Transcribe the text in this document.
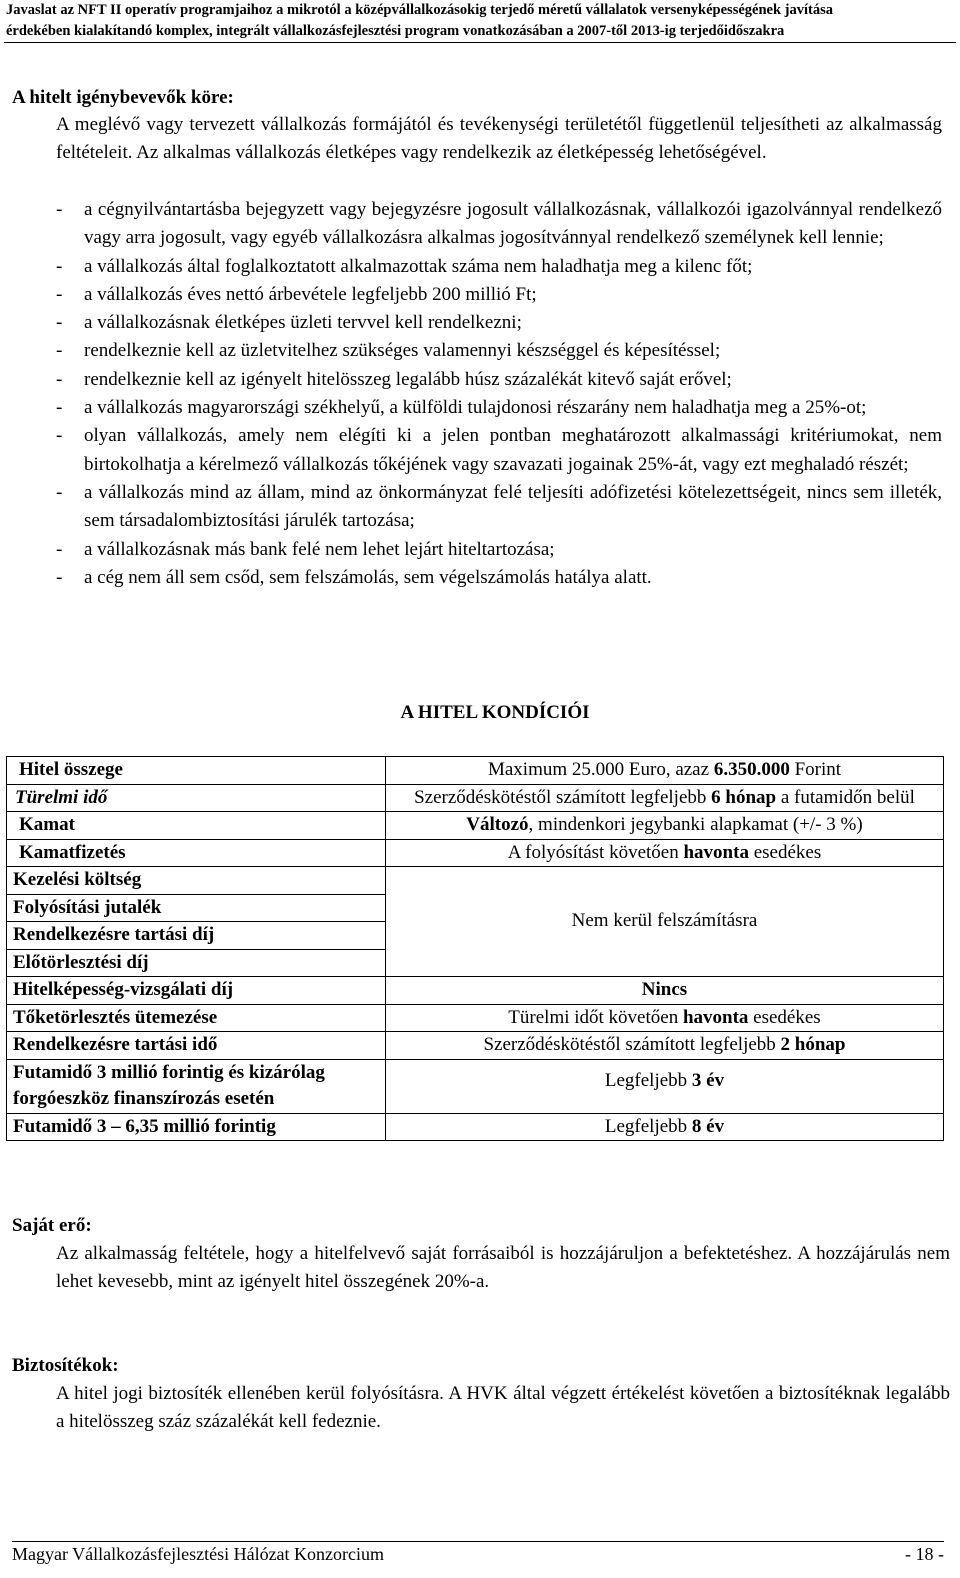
Javaslat az NFT II operatív programjaihoz a mikrotól a középvállalkozásokig terjedő méretű vállalatok versenyképességének javítása
érdekében kialakítandó komplex, integrált vállalkozásfejlesztési program vonatkozásában a 2007-től 2013-ig terjedőidőszakra
A hitelt igénybevevők köre:
A meglévő vagy tervezett vállalkozás formájától és tevékenységi területétől függetlenül teljesítheti az alkalmasság feltételeit. Az alkalmas vállalkozás életképes vagy rendelkezik az életképesség lehetőségével.
- a cégnyilvántartásba bejegyzett vagy bejegyzésre jogosult vállalkozásnak, vállalkozói igazolvánnyal rendelkező vagy arra jogosult, vagy egyéb vállalkozásra alkalmas jogosítvánnyal rendelkező személynek kell lennie;
- a vállalkozás által foglalkoztatott alkalmazottak száma nem haladhatja meg a kilenc főt;
- a vállalkozás éves nettó árbevétele legfeljebb 200 millió Ft;
- a vállalkozásnak életképes üzleti tervvel kell rendelkezni;
- rendelkeznie kell az üzletvitelhez szükséges valamennyi készséggel és képesítéssel;
- rendelkeznie kell az igényelt hitelösszeg legalább húsz százalékát kitevő saját erővel;
- a vállalkozás magyarországi székhelyű, a külföldi tulajdonosi részarány nem haladhatja meg a 25%-ot;
- olyan vállalkozás, amely nem elégíti ki a jelen pontban meghatározott alkalmassági kritériumokat, nem birtokolhatja a kérelmező vállalkozás tőkéjének vagy szavazati jogainak 25%-át, vagy ezt meghaladó részét;
- a vállalkozás mind az állam, mind az önkormányzat felé teljesíti adófizetési kötelezettségeit, nincs sem illeték, sem társadalombiztosítási járulék tartozása;
- a vállalkozásnak más bank felé nem lehet lejárt hiteltartozása;
- a cég nem áll sem csőd, sem felszámolás, sem végelszámolás hatálya alatt.
A HITEL KONDÍCIÓI
Hitel összege	Maximum 25.000 Euro, azaz 6.350.000 Forint
Türelmi idő	Szerződéskötéstől számított legfeljebb 6 hónap a futamidőn belül
Kamat	Változó, mindenkori jegybanki alapkamat (+/- 3 %)
Kamatfizetés	A folyósítást követően havonta esedékes
Kezelési költség	Nem kerül felszámításra
Folyósítási jutalék	
Rendelkezésre tartási díj	
Előtörlesztési díj	
Hitelképesség-vizsgálati díj	Nincs
Tőketörlesztés ütemezése	Türelmi időt követően havonta esedékes
Rendelkezésre tartási idő	Szerződéskötéstől számított legfeljebb 2 hónap
Futamidő 3 millió forintig és kizárólag forgóeszköz finanszírozás esetén	Legfeljebb 3 év
Futamidő 3 – 6,35 millió forintig	Legfeljebb 8 év
Saját erő:
Az alkalmasság feltétele, hogy a hitelfelvevő saját forrásaiból is hozzájáruljon a befektetéshez. A hozzájárulás nem lehet kevesebb, mint az igényelt hitel összegének 20%-a.
Biztosítékok:
A hitel jogi biztosíték ellenében kerül folyósításra. A HVK által végzett értékelést követően a biztosítéknak legalább a hitelösszeg száz százalékát kell fedeznie.
Magyar Vállalkozásfejlesztési Hálózat Konzorcium	- 18 -
